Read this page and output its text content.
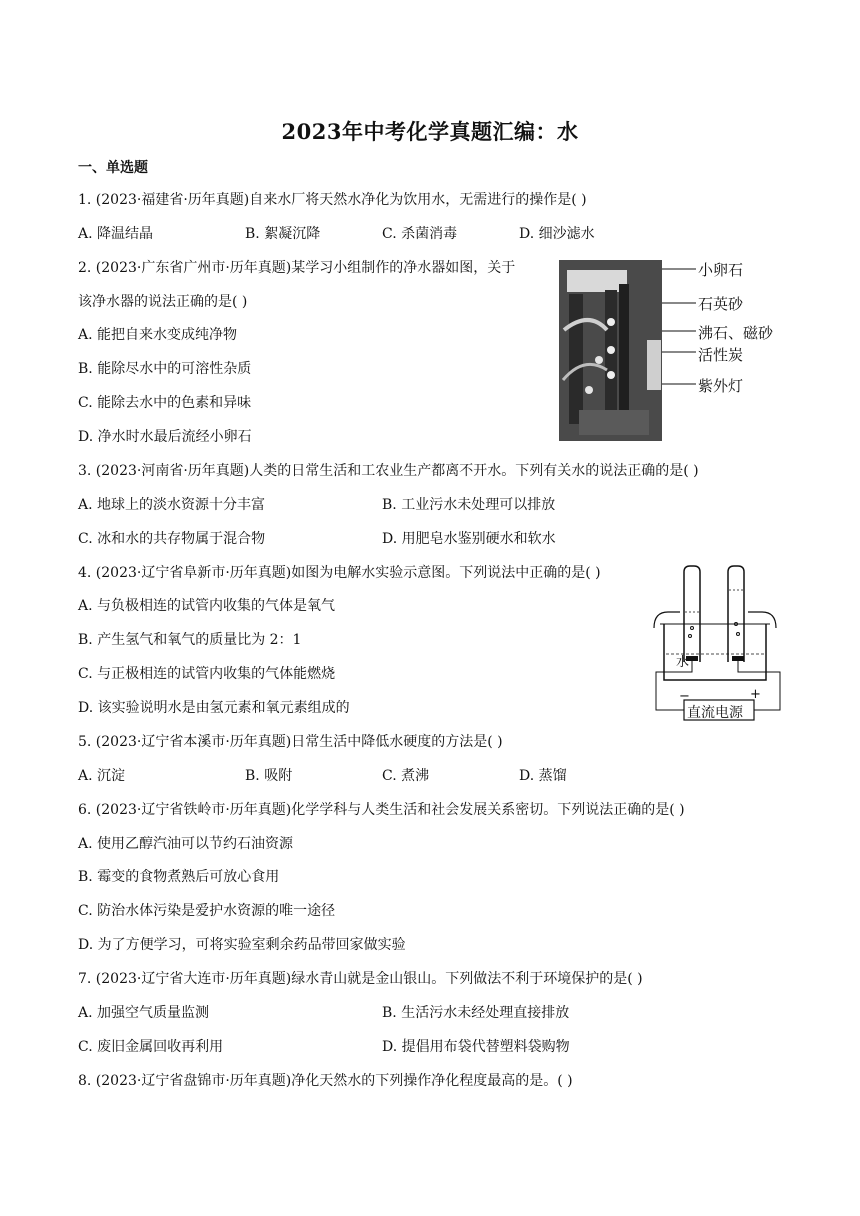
2023年中考化学真题汇编：水
一、单选题
1. (2023·福建省·历年真题)自来水厂将天然水净化为饮用水，无需进行的操作是( )
A. 降温结晶	B. 絮凝沉降	C. 杀菌消毒	D. 细沙滤水
2. (2023·广东省广州市·历年真题)某学习小组制作的净水器如图，关于
该净水器的说法正确的是( )
A. 能把自来水变成纯净物
B. 能除尽水中的可溶性杂质
C. 能除去水中的色素和异味
D. 净水时水最后流经小卵石
小卵石
石英砂
沸石、磁砂
活性炭
紫外灯
3. (2023·河南省·历年真题)人类的日常生活和工农业生产都离不开水。下列有关水的说法正确的是( )
A. 地球上的淡水资源十分丰富	B. 工业污水未处理可以排放
C. 冰和水的共存物属于混合物	D. 用肥皂水鉴别硬水和软水
4. (2023·辽宁省阜新市·历年真题)如图为电解水实验示意图。下列说法中正确的是( )
A. 与负极相连的试管内收集的气体是氧气
B. 产生氢气和氧气的质量比为 2：1
C. 与正极相连的试管内收集的气体能燃烧
D. 该实验说明水是由氢元素和氧元素组成的
水
−	+
直流电源
5. (2023·辽宁省本溪市·历年真题)日常生活中降低水硬度的方法是( )
A. 沉淀	B. 吸附	C. 煮沸	D. 蒸馏
6. (2023·辽宁省铁岭市·历年真题)化学学科与人类生活和社会发展关系密切。下列说法正确的是( )
A. 使用乙醇汽油可以节约石油资源
B. 霉变的食物煮熟后可放心食用
C. 防治水体污染是爱护水资源的唯一途径
D. 为了方便学习，可将实验室剩余药品带回家做实验
7. (2023·辽宁省大连市·历年真题)绿水青山就是金山银山。下列做法不利于环境保护的是( )
A. 加强空气质量监测	B. 生活污水未经处理直接排放
C. 废旧金属回收再利用	D. 提倡用布袋代替塑料袋购物
8. (2023·辽宁省盘锦市·历年真题)净化天然水的下列操作净化程度最高的是。( )
